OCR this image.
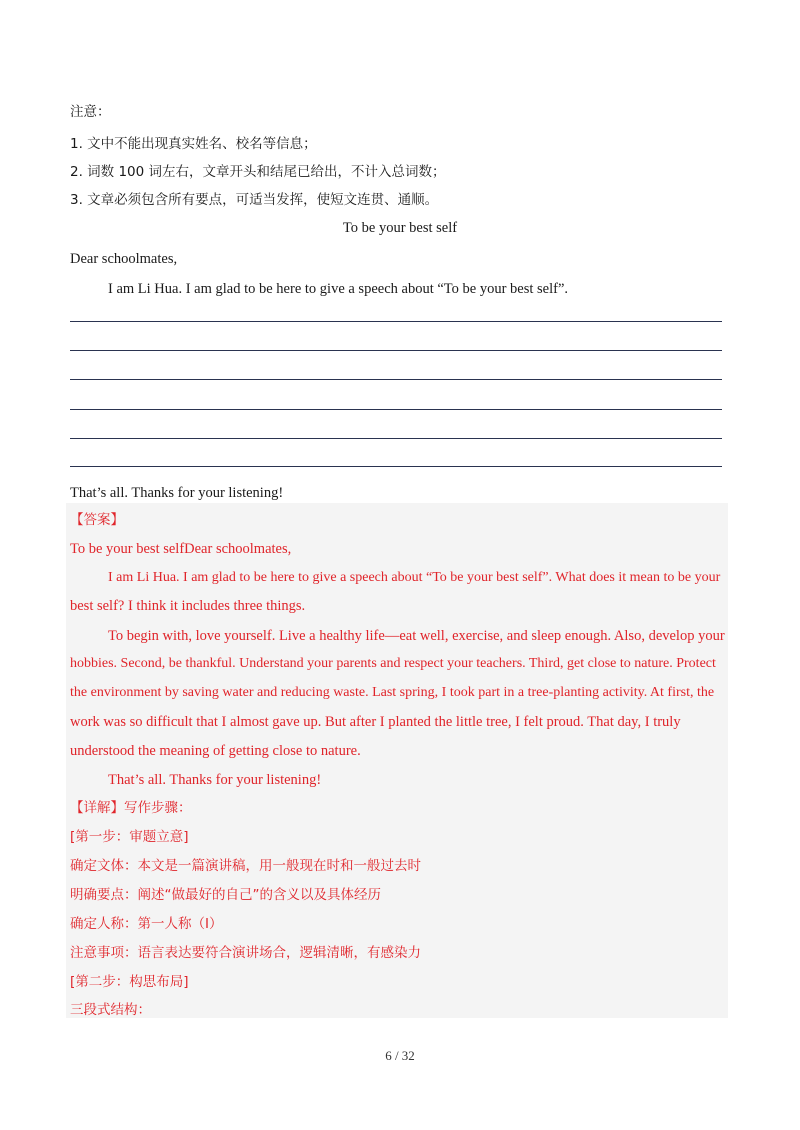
注意：
1. 文中不能出现真实姓名、校名等信息；
2. 词数 100 词左右，文章开头和结尾已给出，不计入总词数；
3. 文章必须包含所有要点，可适当发挥，使短文连贯、通顺。
To be your best self
Dear schoolmates,
I am Li Hua. I am glad to be here to give a speech about “To be your best self”.
That’s all. Thanks for your listening!
【答案】
To be your best selfDear schoolmates,
I am Li Hua. I am glad to be here to give a speech about “To be your best self”. What does it mean to be your
best self? I think it includes three things.
To begin with, love yourself. Live a healthy life—eat well, exercise, and sleep enough. Also, develop your
hobbies. Second, be thankful. Understand your parents and respect your teachers. Third, get close to nature. Protect
the environment by saving water and reducing waste. Last spring, I took part in a tree-planting activity. At first, the
work was so difficult that I almost gave up. But after I planted the little tree, I felt proud. That day, I truly
understood the meaning of getting close to nature.
That’s all. Thanks for your listening!
【详解】写作步骤：
[第一步：审题立意]
确定文体：本文是一篇演讲稿，用一般现在时和一般过去时
明确要点：阐述“做最好的自己”的含义以及具体经历
确定人称：第一人称（I）
注意事项：语言表达要符合演讲场合，逻辑清晰，有感染力
[第二步：构思布局]
三段式结构：
6 / 32
